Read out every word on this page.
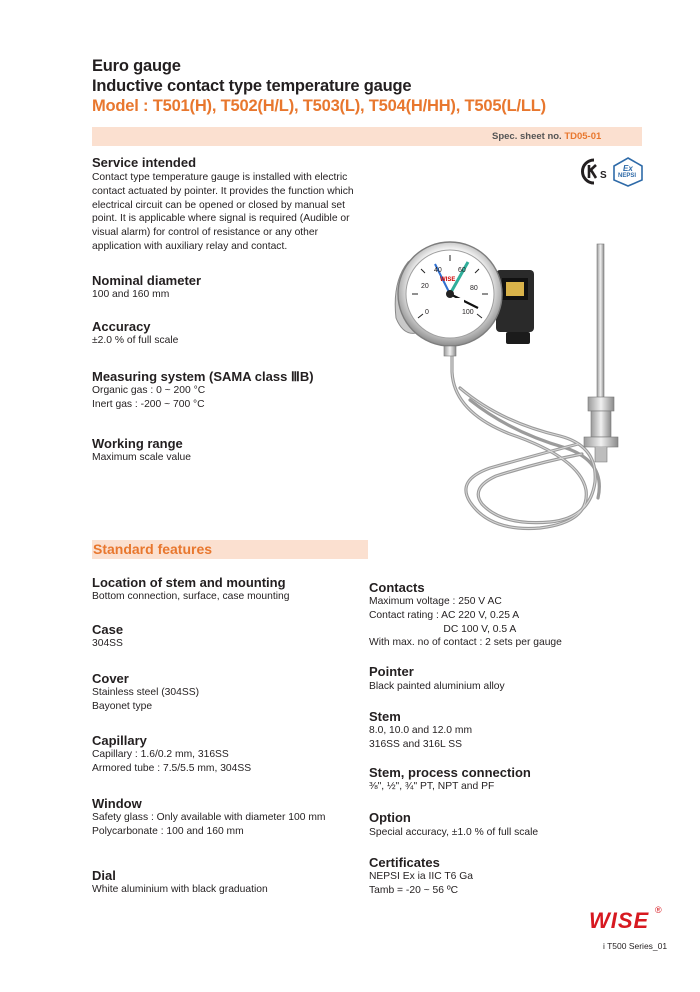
Euro gauge
Inductive contact type temperature gauge
Model : T501(H), T502(H/L), T503(L), T504(H/HH), T505(L/LL)
Spec. sheet no. TD05-01
S
Ex
NEPSI
Service intended
Contact type temperature gauge is installed with electric
contact actuated by pointer. It provides the function which
electrical circuit can be opened or closed by manual set
point. It is applicable where signal is required (Audible or
visual alarm) for control of resistance or any other
application with auxiliary relay and contact.
Nominal diameter
100 and 160 mm
Accuracy
±2.0 % of full scale
Measuring system (SAMA class ⅢB)
Organic gas : 0 ~ 200 °C
Inert gas : -200 ~ 700 °C
Working range
Maximum scale value
40 60
20	80
0	100
WISE
Standard features
Location of stem and mounting
Bottom connection, surface, case mounting
Case
304SS
Cover
Stainless steel (304SS)
Bayonet type
Capillary
Capillary : 1.6/0.2 mm, 316SS
Armored tube : 7.5/5.5 mm, 304SS
Window
Safety glass : Only available with diameter 100 mm
Polycarbonate : 100 and 160 mm
Dial
White aluminium with black graduation
Contacts
Maximum voltage : 250 V AC
Contact rating : AC 220 V, 0.25 A
DC 100 V, 0.5 A
With max. no of contact : 2 sets per gauge
Pointer
Black painted aluminium alloy
Stem
8.0, 10.0 and 12.0 mm
316SS and 316L SS
Stem, process connection
⅜", ½", ¾" PT, NPT and PF
Option
Special accuracy, ±1.0 % of full scale
Certificates
NEPSI Ex ia IIC T6 Ga
Tamb = -20 ~ 56 ºC
WISE ®
i T500 Series_01
